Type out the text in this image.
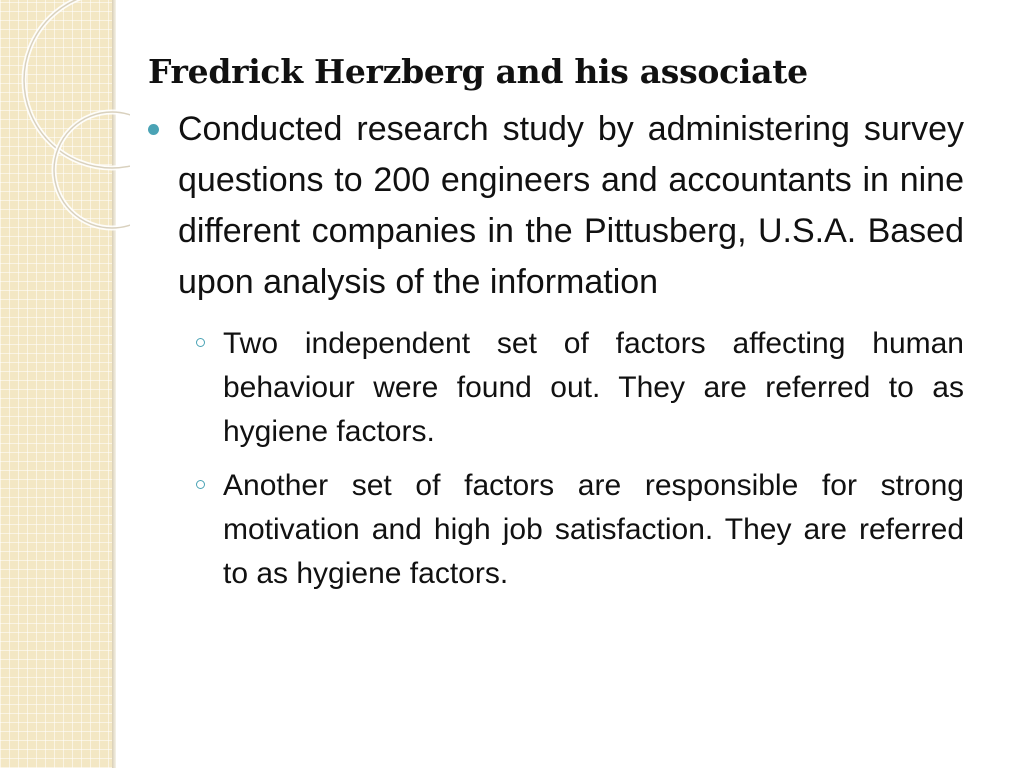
Fredrick Herzberg and his associate
Conducted research study by administering survey questions to 200 engineers and accountants in nine different companies in the Pittusberg, U.S.A. Based upon analysis of the information
Two independent set of factors affecting human behaviour were found out. They are referred to as hygiene factors.
Another set of factors are responsible for strong motivation and high job satisfaction. They are referred to as hygiene factors.
